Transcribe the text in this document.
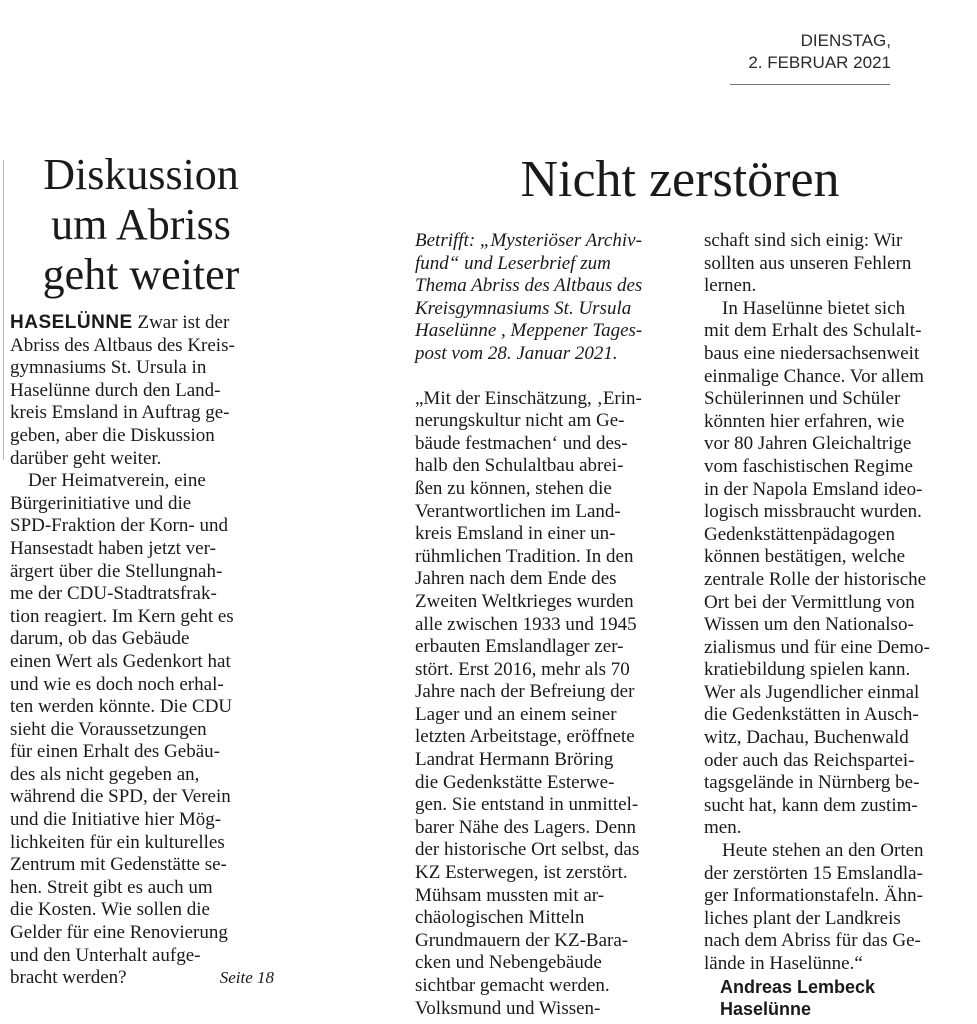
DIENSTAG,
2. FEBRUAR 2021
Diskussion
um Abriss
geht weiter

HASELÜNNE Zwar ist der
Abriss des Altbaus des Kreis-
gymnasiums St. Ursula in
Haselünne durch den Land-
kreis Emsland in Auftrag ge-
geben, aber die Diskussion
darüber geht weiter.

Der Heimatverein, eine
Bürgerinitiative und die
SPD-Fraktion der Korn- und
Hansestadt haben jetzt ver-
ärgert über die Stellungnah-
me der CDU-Stadtratsfrak-
tion reagiert. Im Kern geht es
darum, ob das Gebäude
einen Wert als Gedenkort hat
und wie es doch noch erhal-
ten werden könnte. Die CDU
sieht die Voraussetzungen
für einen Erhalt des Gebäu-
des als nicht gegeben an,
während die SPD, der Verein
und die Initiative hier Mög-
lichkeiten für ein kulturelles
Zentrum mit Gedenstätte se-
hen. Streit gibt es auch um
die Kosten. Wie sollen die
Gelder für eine Renovierung
und den Unterhalt aufge-
bracht werden?	Seite 18

Nicht zerstören

Betrifft: „Mysteriöser Archiv-
fund“ und Leserbrief zum
Thema Abriss des Altbaus des
Kreisgymnasiums St. Ursula
Haselünne , Meppener Tages-
post vom 28. Januar 2021.

„Mit der Einschätzung, ‚Erin-
nerungskultur nicht am Ge-
bäude festmachen‘ und des-
halb den Schulaltbau abrei-
ßen zu können, stehen die
Verantwortlichen im Land-
kreis Emsland in einer un-
rühmlichen Tradition. In den
Jahren nach dem Ende des
Zweiten Weltkrieges wurden
alle zwischen 1933 und 1945
erbauten Emslandlager zer-
stört. Erst 2016, mehr als 70
Jahre nach der Befreiung der
Lager und an einem seiner
letzten Arbeitstage, eröffnete
Landrat Hermann Bröring
die Gedenkstätte Esterwe-
gen. Sie entstand in unmittel-
barer Nähe des Lagers. Denn
der historische Ort selbst, das
KZ Esterwegen, ist zerstört.
Mühsam mussten mit ar-
chäologischen Mitteln
Grundmauern der KZ-Bara-
cken und Nebengebäude
sichtbar gemacht werden.
Volksmund und Wissen-

schaft sind sich einig: Wir
sollten aus unseren Fehlern
lernen.

In Haselünne bietet sich
mit dem Erhalt des Schulalt-
baus eine niedersachsenweit
einmalige Chance. Vor allem
Schülerinnen und Schüler
könnten hier erfahren, wie
vor 80 Jahren Gleichaltrige
vom faschistischen Regime
in der Napola Emsland ideo-
logisch missbraucht wurden.
Gedenkstättenpädagogen
können bestätigen, welche
zentrale Rolle der historische
Ort bei der Vermittlung von
Wissen um den Nationalso-
zialismus und für eine Demo-
kratiebildung spielen kann.
Wer als Jugendlicher einmal
die Gedenkstätten in Ausch-
witz, Dachau, Buchenwald
oder auch das Reichspartei-
tagsgelände in Nürnberg be-
sucht hat, kann dem zustim-
men.

Heute stehen an den Orten
der zerstörten 15 Emslandla-
ger Informationstafeln. Ähn-
liches plant der Landkreis
nach dem Abriss für das Ge-
lände in Haselünne.“

Andreas Lembeck
Haselünne
